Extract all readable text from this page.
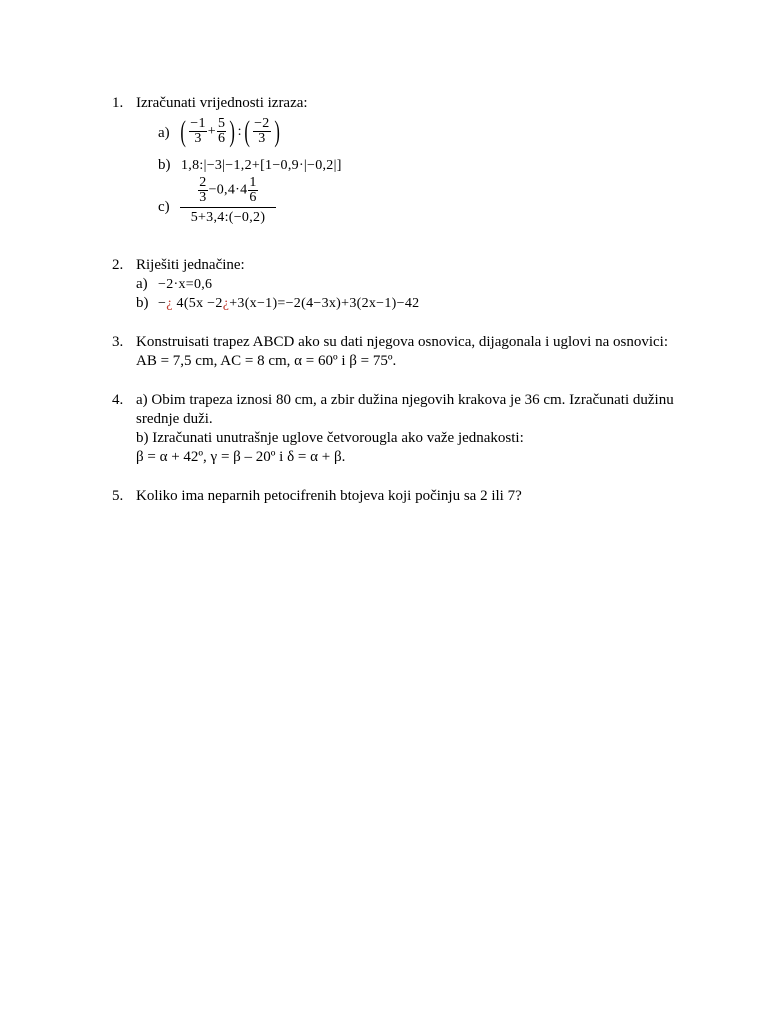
1. Izračunati vrijednosti izraza:
a) ( $\frac{-1}{3} + \frac{5}{6}$ ) :( $\frac{-2}{3}$ )
b) 1,8:|−3|−1,2+[1−0,9·|−0,2|]
$c) \frac{\frac{2}{3} -0,4\cdot 4 \frac{1}{6}}{5+3,4:(-0,2)}$
2. Riješiti jednačine:
a) −2·x=0,6
b) −¿ 4(5x −2¿+3(x−1)=−2(4−3x)+3(2x−1)−42
3. Konstruisati trapez ABCD ako su dati njegova osnovica, dijagonala i uglovi na osnovici:
AB = 7,5 cm, AC = 8 cm, α = 60º i β = 75º.
4. a) Obim trapeza iznosi 80 cm, a zbir dužina njegovih krakova je 36 cm. Izračunati dužinu
srednje duži.
b) Izračunati unutrašnje uglove četvorougla ako važe jednakosti:
β = α + 42º, γ = β – 20º i δ = α + β.
5. Koliko ima neparnih petocifrenih btojeva koji počinju sa 2 ili 7?
